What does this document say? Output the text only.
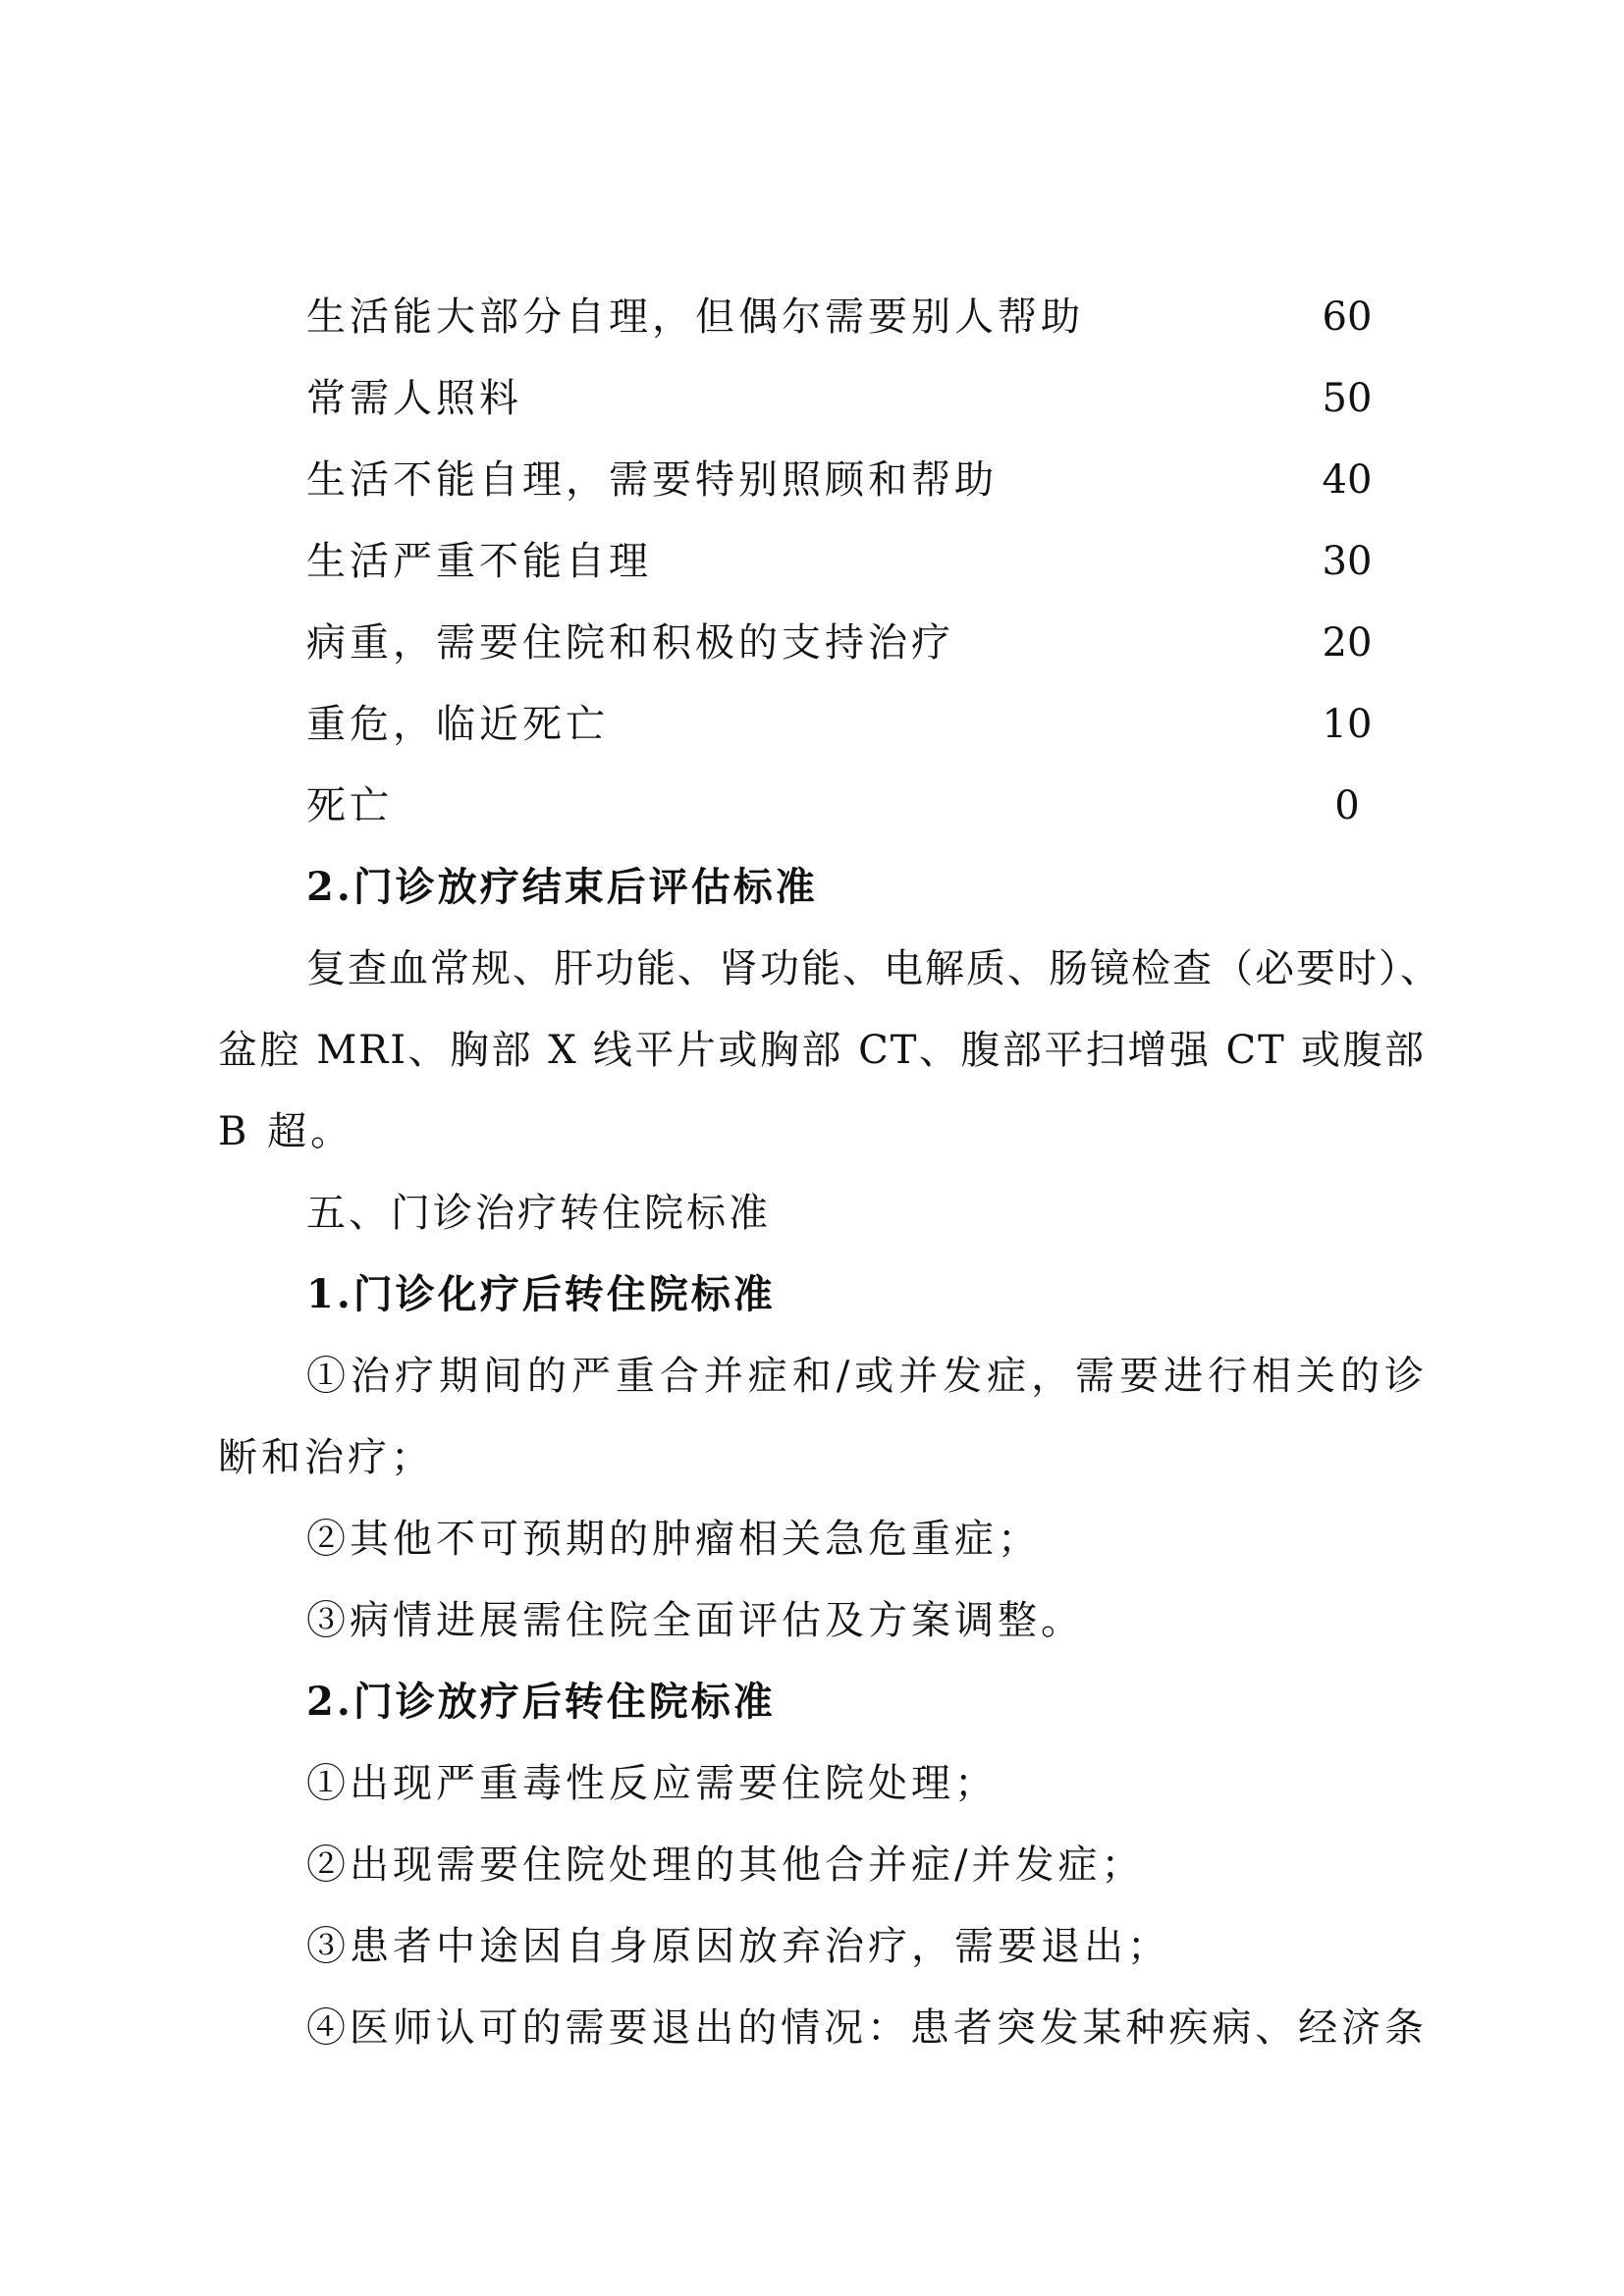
生活能大部分自理，但偶尔需要别人帮助	60
常需人照料	50
生活不能自理，需要特别照顾和帮助	40
生活严重不能自理	30
病重，需要住院和积极的支持治疗	20
重危，临近死亡	10
死亡	0
2.门诊放疗结束后评估标准
复查血常规、肝功能、肾功能、电解质、肠镜检查（必要时）、
盆腔 MRI、胸部 X 线平片或胸部 CT、腹部平扫增强 CT 或腹部
B 超。
五、门诊治疗转住院标准
1.门诊化疗后转住院标准
①治疗期间的严重合并症和/或并发症，需要进行相关的诊
断和治疗；
②其他不可预期的肿瘤相关急危重症；
③病情进展需住院全面评估及方案调整。
2.门诊放疗后转住院标准
①出现严重毒性反应需要住院处理；
②出现需要住院处理的其他合并症/并发症；
③患者中途因自身原因放弃治疗，需要退出；
④医师认可的需要退出的情况：患者突发某种疾病、经济条
